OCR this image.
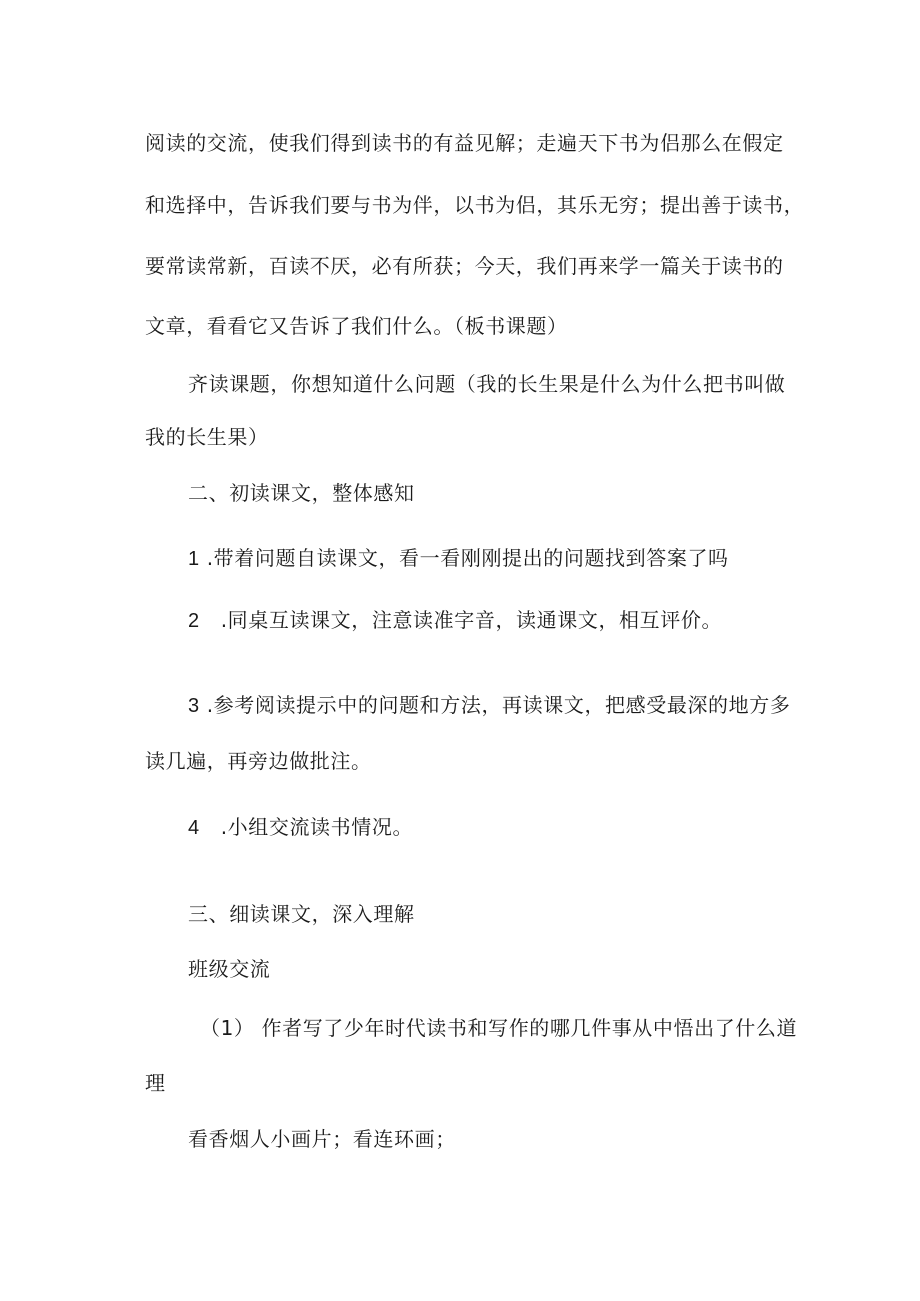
阅读的交流，使我们得到读书的有益见解；走遍天下书为侣那么在假定
和选择中，告诉我们要与书为伴，以书为侣，其乐无穷；提出善于读书，
要常读常新，百读不厌，必有所获；今天，我们再来学一篇关于读书的
文章，看看它又告诉了我们什么。（板书课题）
齐读课题，你想知道什么问题（我的长生果是什么为什么把书叫做
我的长生果）
二、初读课文，整体感知
1 .带着问题自读课文，看一看刚刚提出的问题找到答案了吗
2 .同桌互读课文，注意读准字音，读通课文，相互评价。
3 .参考阅读提示中的问题和方法，再读课文，把感受最深的地方多
读几遍，再旁边做批注。
4 .小组交流读书情况。
三、细读课文，深入理解
班级交流
（1） 作者写了少年时代读书和写作的哪几件事从中悟出了什么道
理
看香烟人小画片；看连环画；
